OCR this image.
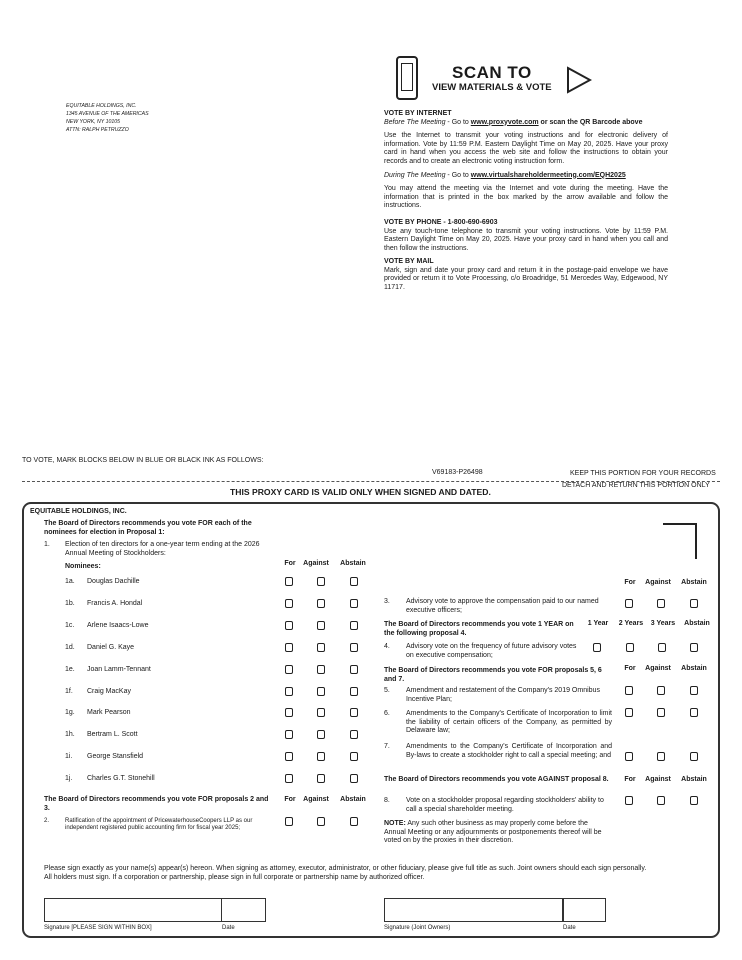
EQUITABLE HOLDINGS, INC.
1345 AVENUE OF THE AMERICAS
NEW YORK, NY 10105
ATTN: RALPH PETRUZZO
SCAN TO
VIEW MATERIALS & VOTE
VOTE BY INTERNET
Before The Meeting - Go to www.proxyvote.com or scan the QR Barcode above
Use the Internet to transmit your voting instructions and for electronic delivery of information. Vote by 11:59 P.M. Eastern Daylight Time on May 20, 2025. Have your proxy card in hand when you access the web site and follow the instructions to obtain your records and to create an electronic voting instruction form.
During The Meeting - Go to www.virtualshareholdermeeting.com/EQH2025
You may attend the meeting via the Internet and vote during the meeting. Have the information that is printed in the box marked by the arrow available and follow the instructions.
VOTE BY PHONE - 1-800-690-6903
Use any touch-tone telephone to transmit your voting instructions. Vote by 11:59 P.M. Eastern Daylight Time on May 20, 2025. Have your proxy card in hand when you call and then follow the instructions.
VOTE BY MAIL
Mark, sign and date your proxy card and return it in the postage-paid envelope we have provided or return it to Vote Processing, c/o Broadridge, 51 Mercedes Way, Edgewood, NY 11717.
TO VOTE, MARK BLOCKS BELOW IN BLUE OR BLACK INK AS FOLLOWS:
V69183-P26498	KEEP THIS PORTION FOR YOUR RECORDS
THIS PROXY CARD IS VALID ONLY WHEN SIGNED AND DATED.
DETACH AND RETURN THIS PORTION ONLY
EQUITABLE HOLDINGS, INC.
The Board of Directors recommends you vote FOR each of the nominees for election in Proposal 1:
1. Election of ten directors for a one-year term ending at the 2026 Annual Meeting of Stockholders:
Nominees:	For	Against	Abstain
1a. Douglas Dachille
1b. Francis A. Hondal
1c. Arlene Isaacs-Lowe
1d. Daniel G. Kaye
1e. Joan Lamm-Tennant
1f. Craig MacKay
1g. Mark Pearson
1h. Bertram L. Scott
1i. George Stansfield
1j. Charles G.T. Stonehill
The Board of Directors recommends you vote FOR proposals 2 and 3.
For	Against	Abstain
2.	Ratification of the appointment of PricewaterhouseCoopers LLP as our independent registered public accounting firm for fiscal year 2025;
For	Against	Abstain
3. Advisory vote to approve the compensation paid to our named executive officers;
The Board of Directors recommends you vote 1 YEAR on the following proposal 4.
1 Year	2 Years	3 Years	Abstain
4. Advisory vote on the frequency of future advisory votes on executive compensation;
The Board of Directors recommends you vote FOR proposals 5, 6 and 7.
For	Against	Abstain
5. Amendment and restatement of the Company's 2019 Omnibus Incentive Plan;
6. Amendments to the Company's Certificate of Incorporation to limit the liability of certain officers of the Company, as permitted by Delaware law;
7. Amendments to the Company's Certificate of Incorporation and By-laws to create a stockholder right to call a special meeting; and
The Board of Directors recommends you vote AGAINST proposal 8.	For	Against	Abstain
8. Vote on a stockholder proposal regarding stockholders' ability to call a special shareholder meeting.
NOTE: Any such other business as may properly come before the Annual Meeting or any adjournments or postponements thereof will be voted on by the proxies in their discretion.
Please sign exactly as your name(s) appear(s) hereon. When signing as attorney, executor, administrator, or other fiduciary, please give full title as such. Joint owners should each sign personally. All holders must sign. If a corporation or partnership, please sign in full corporate or partnership name by authorized officer.
Signature [PLEASE SIGN WITHIN BOX]	Date	Signature (Joint Owners)	Date
